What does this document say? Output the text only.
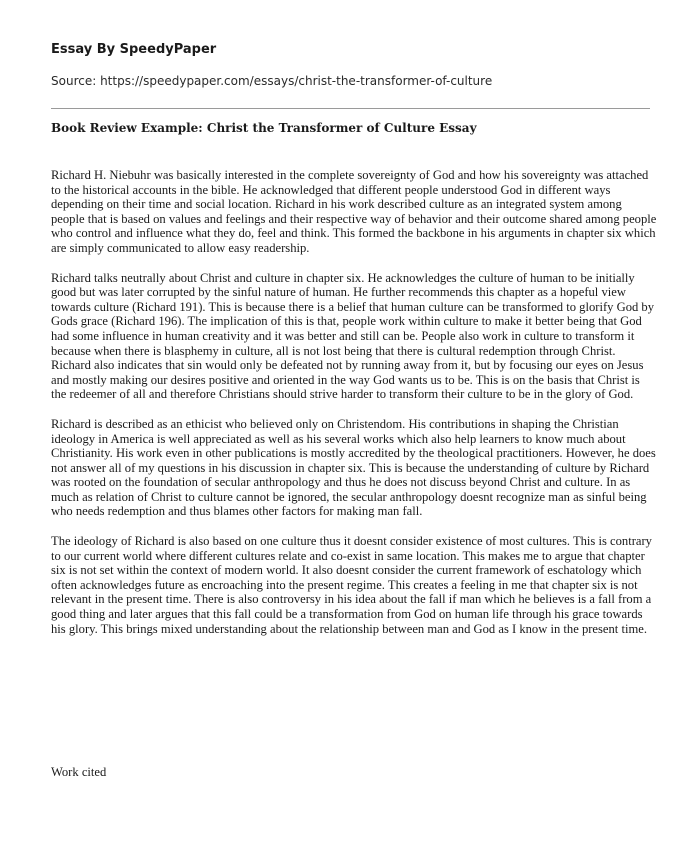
Essay By SpeedyPaper

Source: https://speedypaper.com/essays/christ-the-transformer-of-culture

Book Review Example: Christ the Transformer of Culture Essay

Richard H. Niebuhr was basically interested in the complete sovereignty of God and how his sovereignty was attached to the historical accounts in the bible. He acknowledged that different people understood God in different ways depending on their time and social location. Richard in his work described culture as an integrated system among people that is based on values and feelings and their respective way of behavior and their outcome shared among people who control and influence what they do, feel and think. This formed the backbone in his arguments in chapter six which are simply communicated to allow easy readership.

Richard talks neutrally about Christ and culture in chapter six. He acknowledges the culture of human to be initially good but was later corrupted by the sinful nature of human. He further recommends this chapter as a hopeful view towards culture (Richard 191). This is because there is a belief that human culture can be transformed to glorify God by Gods grace (Richard 196). The implication of this is that, people work within culture to make it better being that God had some influence in human creativity and it was better and still can be. People also work in culture to transform it because when there is blasphemy in culture, all is not lost being that there is cultural redemption through Christ. Richard also indicates that sin would only be defeated not by running away from it, but by focusing our eyes on Jesus and mostly making our desires positive and oriented in the way God wants us to be. This is on the basis that Christ is the redeemer of all and therefore Christians should strive harder to transform their culture to be in the glory of God.

Richard is described as an ethicist who believed only on Christendom. His contributions in shaping the Christian ideology in America is well appreciated as well as his several works which also help learners to know much about Christianity. His work even in other publications is mostly accredited by the theological practitioners. However, he does not answer all of my questions in his discussion in chapter six. This is because the understanding of culture by Richard was rooted on the foundation of secular anthropology and thus he does not discuss beyond Christ and culture. In as much as relation of Christ to culture cannot be ignored, the secular anthropology doesnt recognize man as sinful being who needs redemption and thus blames other factors for making man fall.

The ideology of Richard is also based on one culture thus it doesnt consider existence of most cultures. This is contrary to our current world where different cultures relate and co-exist in same location. This makes me to argue that chapter six is not set within the context of modern world. It also doesnt consider the current framework of eschatology which often acknowledges future as encroaching into the present regime. This creates a feeling in me that chapter six is not relevant in the present time. There is also controversy in his idea about the fall if man which he believes is a fall from a good thing and later argues that this fall could be a transformation from God on human life through his grace towards his glory. This brings mixed understanding about the relationship between man and God as I know in the present time.

Work cited
